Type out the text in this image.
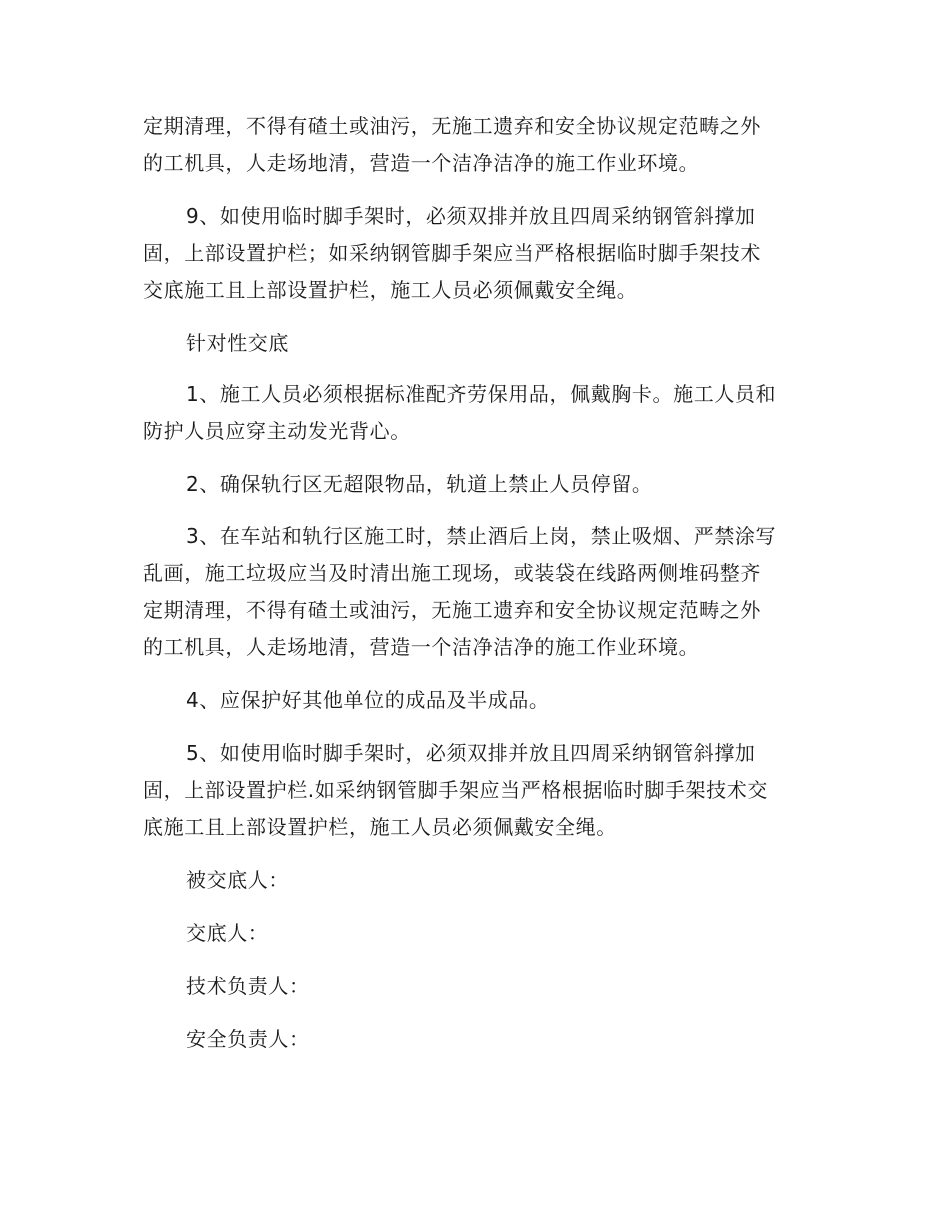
定期清理，不得有碴土或油污，无施工遗弃和安全协议规定范畴之外
的工机具，人走场地清，营造一个洁净洁净的施工作业环境。
9、如使用临时脚手架时，必须双排并放且四周采纳钢管斜撑加
固，上部设置护栏；如采纳钢管脚手架应当严格根据临时脚手架技术
交底施工且上部设置护栏，施工人员必须佩戴安全绳。
针对性交底
1、施工人员必须根据标准配齐劳保用品，佩戴胸卡。施工人员和
防护人员应穿主动发光背心。
2、确保轨行区无超限物品，轨道上禁止人员停留。
3、在车站和轨行区施工时，禁止酒后上岗，禁止吸烟、严禁涂写
乱画，施工垃圾应当及时清出施工现场，或装袋在线路两侧堆码整齐
定期清理，不得有碴土或油污，无施工遗弃和安全协议规定范畴之外
的工机具，人走场地清，营造一个洁净洁净的施工作业环境。
4、应保护好其他单位的成品及半成品。
5、如使用临时脚手架时，必须双排并放且四周采纳钢管斜撑加
固，上部设置护栏.如采纳钢管脚手架应当严格根据临时脚手架技术交
底施工且上部设置护栏，施工人员必须佩戴安全绳。
被交底人：
交底人：
技术负责人：
安全负责人：
